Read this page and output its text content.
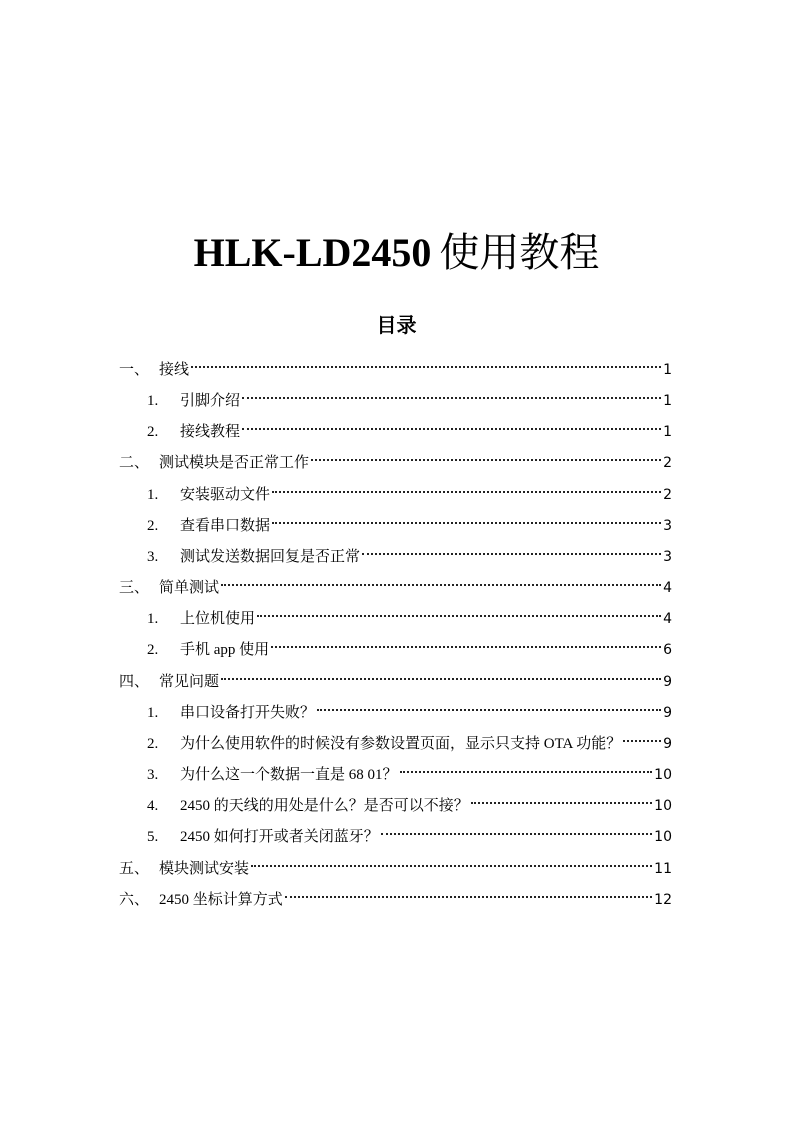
HLK-LD2450 使用教程
目录
一、 接线	1
1.	引脚介绍	1
2.	接线教程	1
二、 测试模块是否正常工作	2
1.	安装驱动文件	2
2.	查看串口数据	3
3.	测试发送数据回复是否正常	3
三、 简单测试	4
1.	上位机使用	4
2.	手机 app 使用	6
四、 常见问题	9
1.	串口设备打开失败？	9
2.	为什么使用软件的时候没有参数设置页面，显示只支持 OTA 功能？	9
3.	为什么这一个数据一直是 68 01？	10
4.	2450 的天线的用处是什么？是否可以不接？	10
5.	2450 如何打开或者关闭蓝牙？	10
五、 模块测试安装	11
六、 2450 坐标计算方式	12
